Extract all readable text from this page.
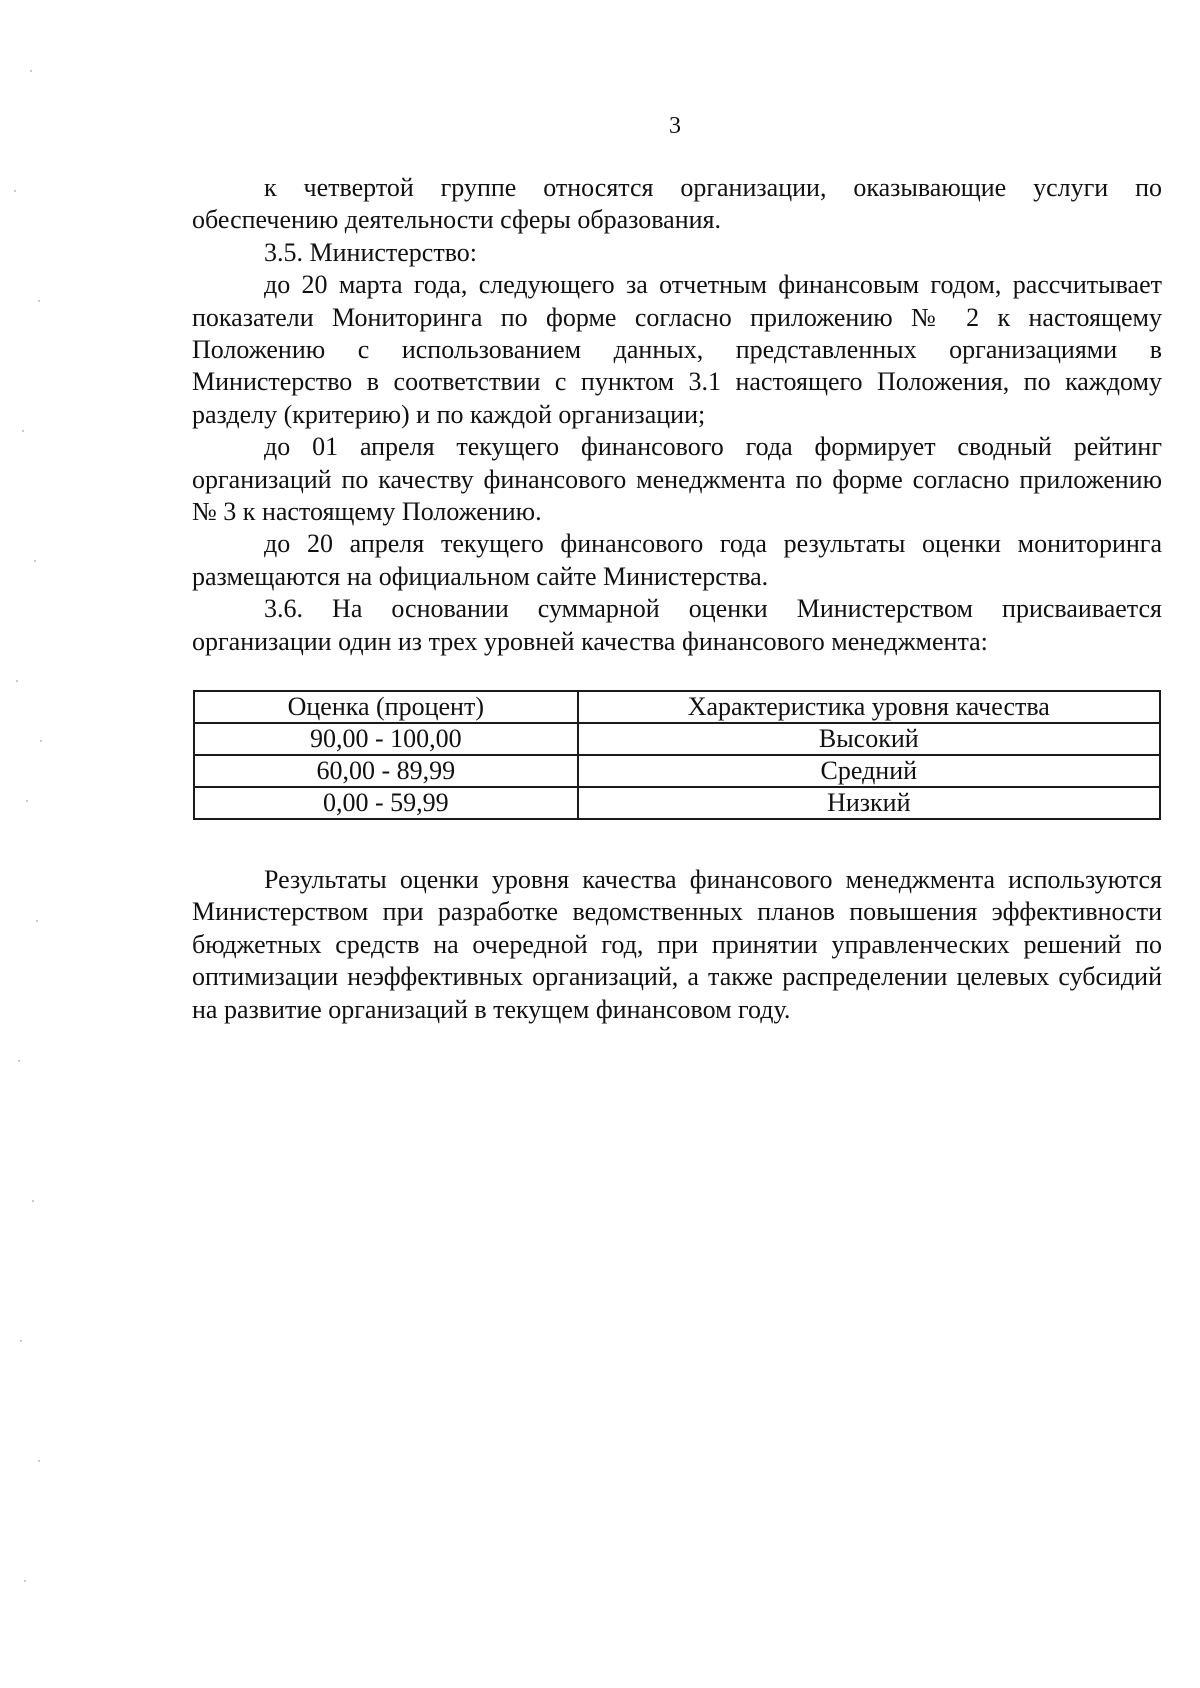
3

к четвертой группе относятся организации, оказывающие услуги по обеспечению деятельности сферы образования.

3.5. Министерство:

до 20 марта года, следующего за отчетным финансовым годом, рассчитывает показатели Мониторинга по форме согласно приложению № 2 к настоящему Положению с использованием данных, представленных организациями в Министерство в соответствии с пунктом 3.1 настоящего Положения, по каждому разделу (критерию) и по каждой организации;

до 01 апреля текущего финансового года формирует сводный рейтинг организаций по качеству финансового менеджмента по форме согласно приложению № 3 к настоящему Положению.

до 20 апреля текущего финансового года результаты оценки мониторинга размещаются на официальном сайте Министерства.

3.6. На основании суммарной оценки Министерством присваивается организации один из трех уровней качества финансового менеджмента:

Оценка (процент)	Характеристика уровня качества
90,00 - 100,00	Высокий
60,00 - 89,99	Средний
0,00 - 59,99	Низкий

Результаты оценки уровня качества финансового менеджмента используются Министерством при разработке ведомственных планов повышения эффективности бюджетных средств на очередной год, при принятии управленческих решений по оптимизации неэффективных организаций, а также распределении целевых субсидий на развитие организаций в текущем финансовом году.
